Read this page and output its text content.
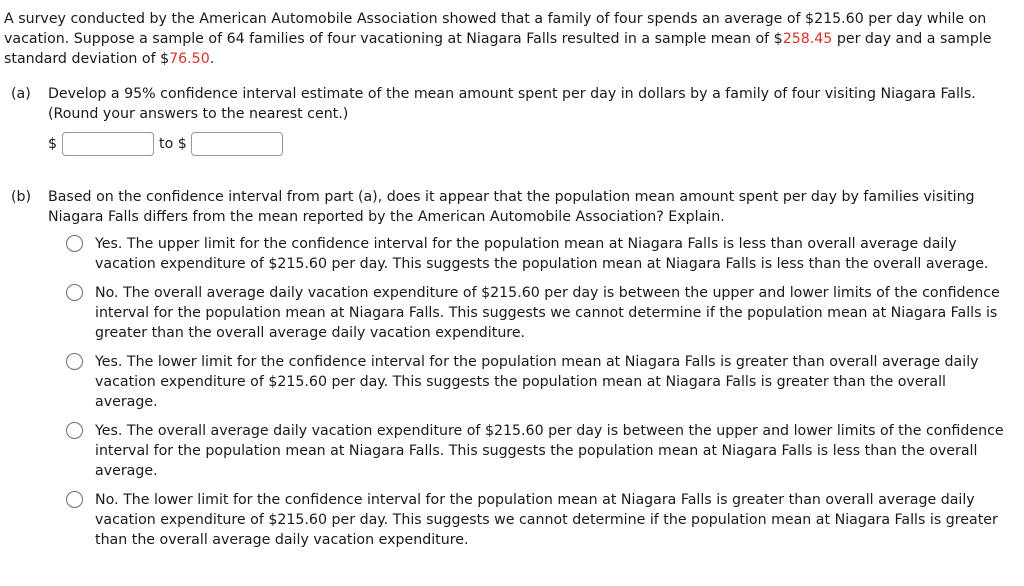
A survey conducted by the American Automobile Association showed that a family of four spends an average of $215.60 per day while on vacation. Suppose a sample of 64 families of four vacationing at Niagara Falls resulted in a sample mean of $258.45 per day and a sample standard deviation of $76.50.
(a) Develop a 95% confidence interval estimate of the mean amount spent per day in dollars by a family of four visiting Niagara Falls. (Round your answers to the nearest cent.)
$	to $
(b) Based on the confidence interval from part (a), does it appear that the population mean amount spent per day by families visiting Niagara Falls differs from the mean reported by the American Automobile Association? Explain.
Yes. The upper limit for the confidence interval for the population mean at Niagara Falls is less than overall average daily vacation expenditure of $215.60 per day. This suggests the population mean at Niagara Falls is less than the overall average.
No. The overall average daily vacation expenditure of $215.60 per day is between the upper and lower limits of the confidence interval for the population mean at Niagara Falls. This suggests we cannot determine if the population mean at Niagara Falls is greater than the overall average daily vacation expenditure.
Yes. The lower limit for the confidence interval for the population mean at Niagara Falls is greater than overall average daily vacation expenditure of $215.60 per day. This suggests the population mean at Niagara Falls is greater than the overall average.
Yes. The overall average daily vacation expenditure of $215.60 per day is between the upper and lower limits of the confidence interval for the population mean at Niagara Falls. This suggests the population mean at Niagara Falls is less than the overall average.
No. The lower limit for the confidence interval for the population mean at Niagara Falls is greater than overall average daily vacation expenditure of $215.60 per day. This suggests we cannot determine if the population mean at Niagara Falls is greater than the overall average daily vacation expenditure.
